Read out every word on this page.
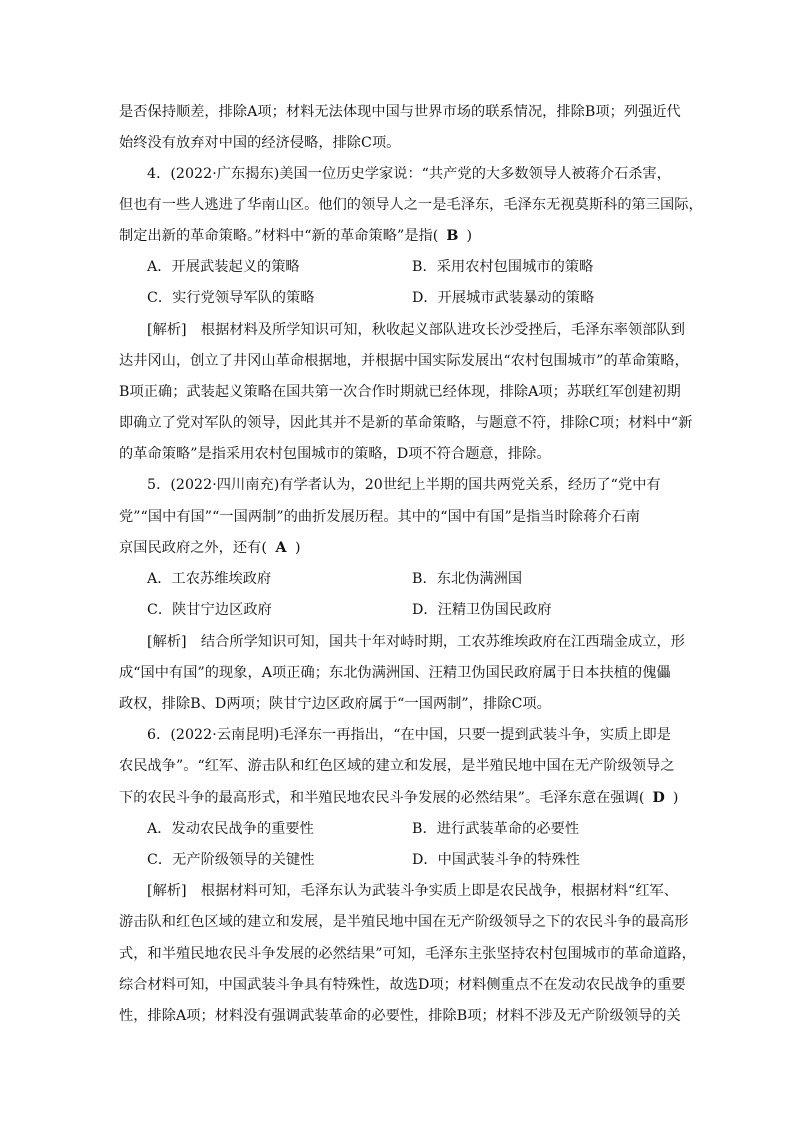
是否保持顺差，排除A项；材料无法体现中国与世界市场的联系情况，排除B项；列强近代
始终没有放弃对中国的经济侵略，排除C项。
4．(2022·广东揭东)美国一位历史学家说：“共产党的大多数领导人被蒋介石杀害，
但也有一些人逃进了华南山区。他们的领导人之一是毛泽东，毛泽东无视莫斯科的第三国际，
制定出新的革命策略。”材料中“新的革命策略”是指( B )
A．开展武装起义的策略	B．采用农村包围城市的策略
C．实行党领导军队的策略	D．开展城市武装暴动的策略
[解析]　根据材料及所学知识可知，秋收起义部队进攻长沙受挫后，毛泽东率领部队到
达井冈山，创立了井冈山革命根据地，并根据中国实际发展出“农村包围城市”的革命策略，
B项正确；武装起义策略在国共第一次合作时期就已经体现，排除A项；苏联红军创建初期
即确立了党对军队的领导，因此其并不是新的革命策略，与题意不符，排除C项；材料中“新
的革命策略”是指采用农村包围城市的策略，D项不符合题意，排除。
5．(2022·四川南充)有学者认为，20世纪上半期的国共两党关系，经历了“党中有
党”“国中有国”“一国两制”的曲折发展历程。其中的“国中有国”是指当时除蒋介石南
京国民政府之外，还有( A )
A．工农苏维埃政府	B．东北伪满洲国
C．陕甘宁边区政府	D．汪精卫伪国民政府
[解析]　结合所学知识可知，国共十年对峙时期，工农苏维埃政府在江西瑞金成立，形
成“国中有国”的现象，A项正确；东北伪满洲国、汪精卫伪国民政府属于日本扶植的傀儡
政权，排除B、D两项；陕甘宁边区政府属于“一国两制”，排除C项。
6．(2022·云南昆明)毛泽东一再指出，“在中国，只要一提到武装斗争，实质上即是
农民战争”。“红军、游击队和红色区域的建立和发展，是半殖民地中国在无产阶级领导之
下的农民斗争的最高形式，和半殖民地农民斗争发展的必然结果”。毛泽东意在强调( D )
A．发动农民战争的重要性	B．进行武装革命的必要性
C．无产阶级领导的关键性	D．中国武装斗争的特殊性
[解析]　根据材料可知，毛泽东认为武装斗争实质上即是农民战争，根据材料“红军、
游击队和红色区域的建立和发展，是半殖民地中国在无产阶级领导之下的农民斗争的最高形
式，和半殖民地农民斗争发展的必然结果”可知，毛泽东主张坚持农村包围城市的革命道路，
综合材料可知，中国武装斗争具有特殊性，故选D项；材料侧重点不在发动农民战争的重要
性，排除A项；材料没有强调武装革命的必要性，排除B项；材料不涉及无产阶级领导的关
